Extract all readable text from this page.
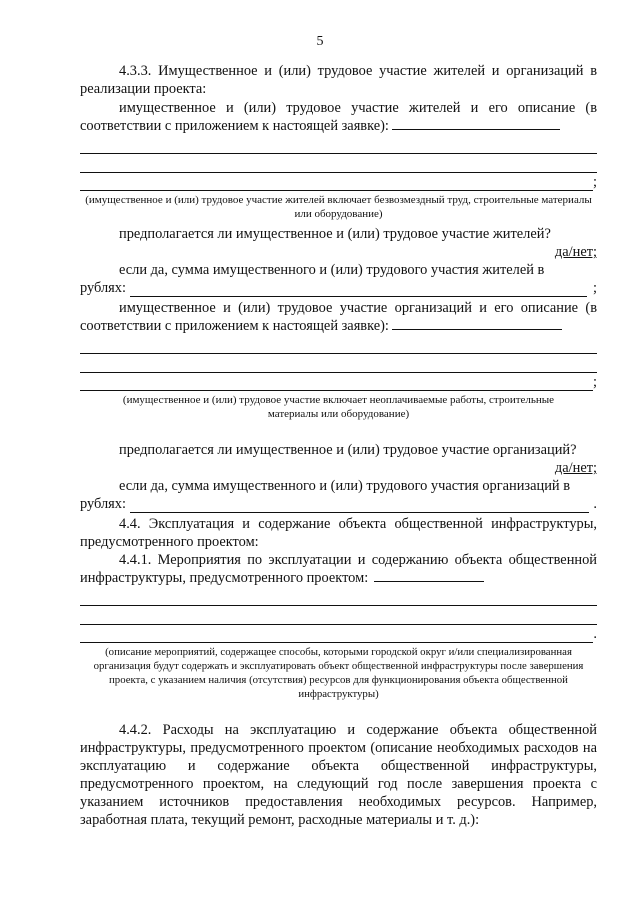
5

4.3.3. Имущественное и (или) трудовое участие жителей и организаций в реализации проекта:

имущественное и (или) трудовое участие жителей и его описание (в соответствии с приложением к настоящей заявке):

;

(имущественное и (или) трудовое участие жителей включает безвозмездный труд, строительные материалы или оборудование)

предполагается ли имущественное и (или) трудовое участие жителей?

да/нет;

если да, сумма имущественного и (или) трудового участия жителей в

рублях:	;

имущественное и (или) трудовое участие организаций и его описание (в соответствии с приложением к настоящей заявке):

;

(имущественное и (или) трудовое участие включает неоплачиваемые работы, строительные материалы или оборудование)

предполагается ли имущественное и (или) трудовое участие организаций?

да/нет;

если да, сумма имущественного и (или) трудового участия организаций в

рублях:	.

4.4. Эксплуатация и содержание объекта общественной инфраструктуры, предусмотренного проектом:

4.4.1. Мероприятия по эксплуатации и содержанию объекта общественной инфраструктуры, предусмотренного проектом:

.

(описание мероприятий, содержащее способы, которыми городской округ и/или специализированная организация будут содержать и эксплуатировать объект общественной инфраструктуры после завершения проекта, с указанием наличия (отсутствия) ресурсов для функционирования объекта общественной инфраструктуры)

4.4.2. Расходы на эксплуатацию и содержание объекта общественной инфраструктуры, предусмотренного проектом (описание необходимых расходов на эксплуатацию и содержание объекта общественной инфраструктуры, предусмотренного проектом, на следующий год после завершения проекта с указанием источников предоставления необходимых ресурсов. Например, заработная плата, текущий ремонт, расходные материалы и т. д.):
